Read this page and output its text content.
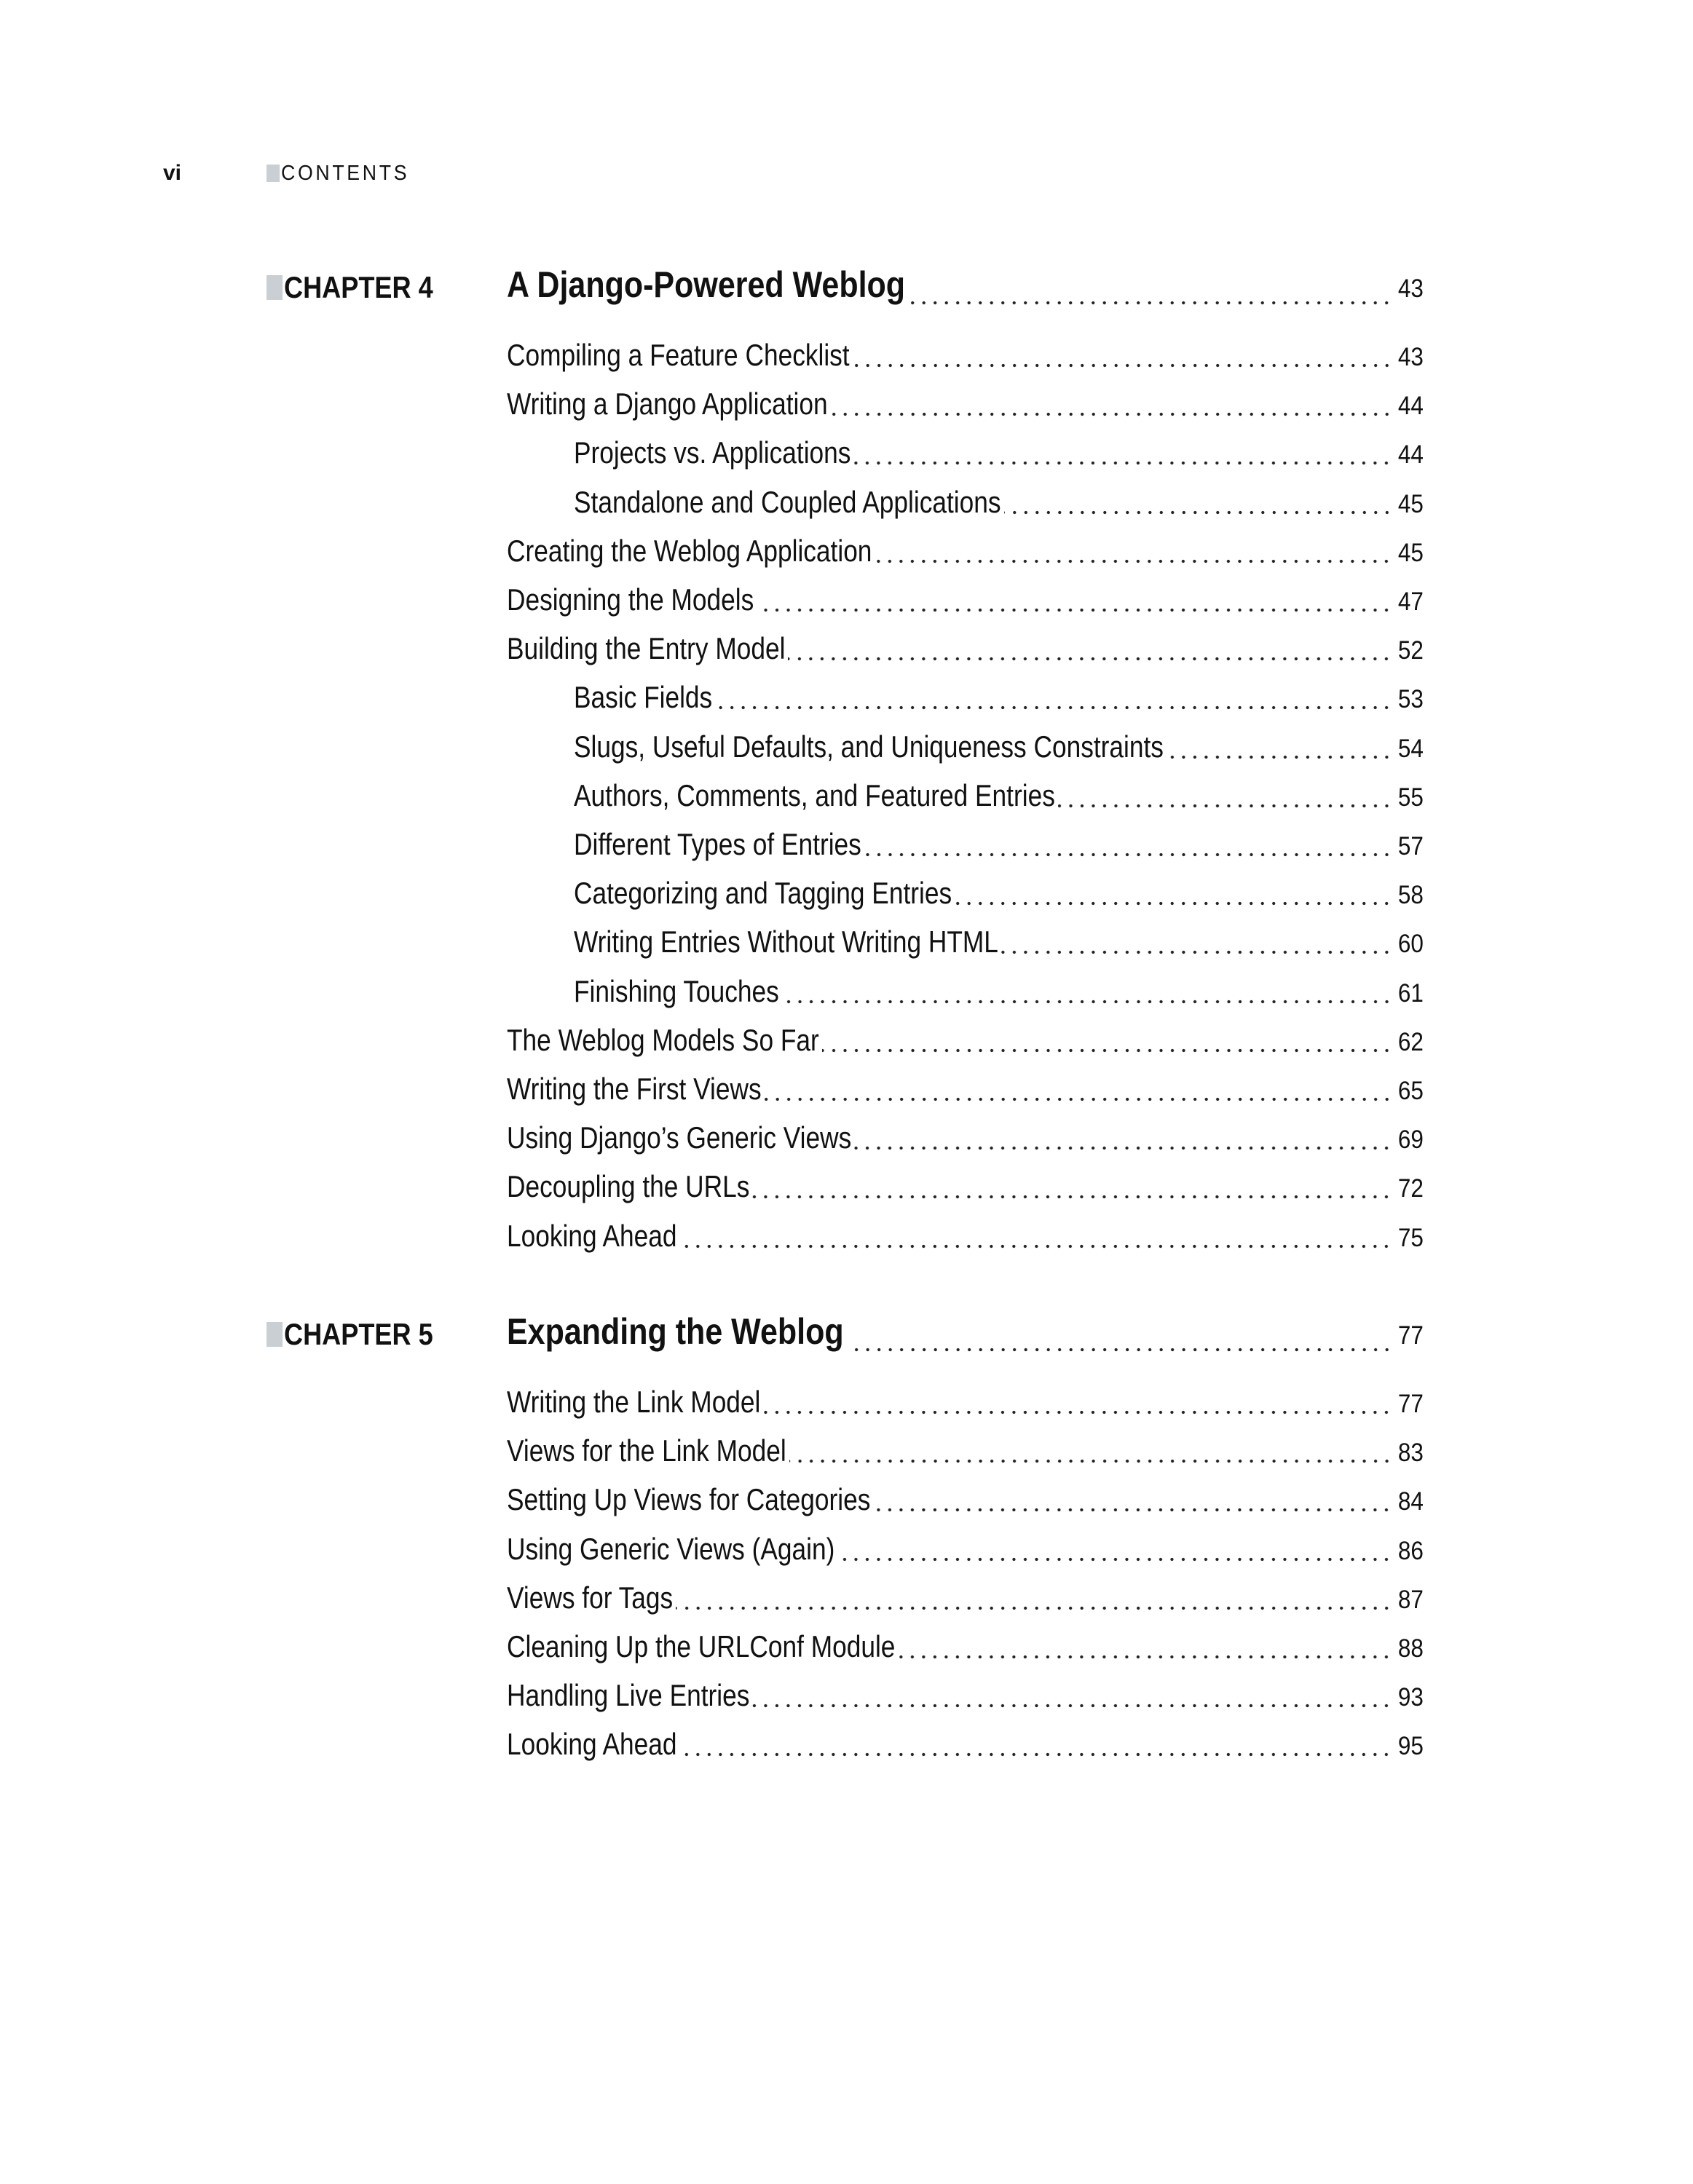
vi	CONTENTS
CHAPTER 4 A Django-Powered Weblog	43
Compiling a Feature Checklist	43
Writing a Django Application	44
Projects vs. Applications	44
Standalone and Coupled Applications	45
Creating the Weblog Application	45
Designing the Models	47
Building the Entry Model	52
Basic Fields	53
Slugs, Useful Defaults, and Uniqueness Constraints	54
Authors, Comments, and Featured Entries	55
Different Types of Entries	57
Categorizing and Tagging Entries	58
Writing Entries Without Writing HTML	60
Finishing Touches	61
The Weblog Models So Far	62
Writing the First Views	65
Using Django’s Generic Views	69
Decoupling the URLs	72
Looking Ahead	75
CHAPTER 5 Expanding the Weblog	77
Writing the Link Model	77
Views for the Link Model	83
Setting Up Views for Categories	84
Using Generic Views (Again)	86
Views for Tags	87
Cleaning Up the URLConf Module	88
Handling Live Entries	93
Looking Ahead	95
